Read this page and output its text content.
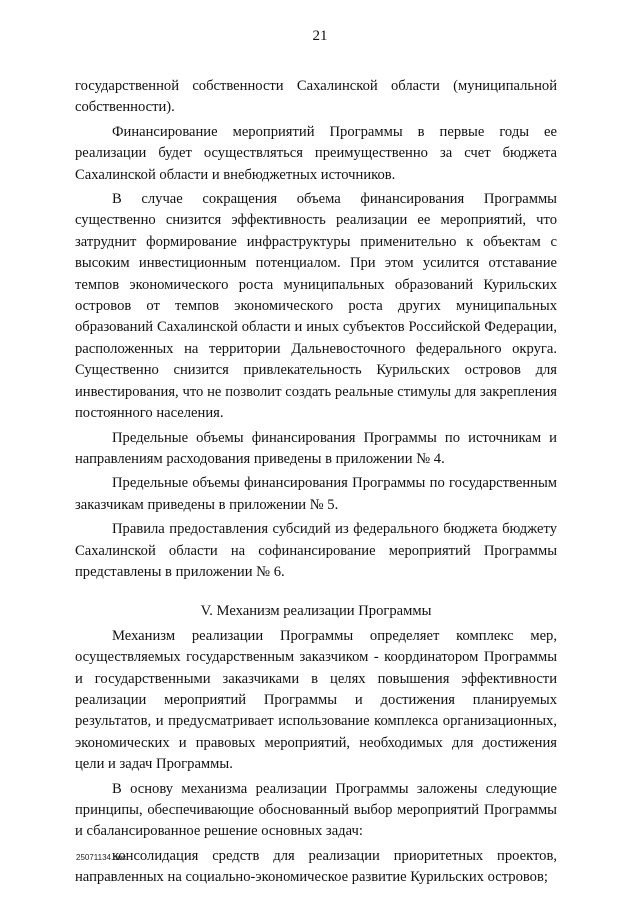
21

государственной собственности Сахалинской области (муниципальной собственности).

Финансирование мероприятий Программы в первые годы ее реализации будет осуществляться преимущественно за счет бюджета Сахалинской области и внебюджетных источников.

В случае сокращения объема финансирования Программы существенно снизится эффективность реализации ее мероприятий, что затруднит формирование инфраструктуры применительно к объектам с высоким инвестиционным потенциалом. При этом усилится отставание темпов экономического роста муниципальных образований Курильских островов от темпов экономического роста других муниципальных образований Сахалинской области и иных субъектов Российской Федерации, расположенных на территории Дальневосточного федерального округа. Существенно снизится привлекательность Курильских островов для инвестирования, что не позволит создать реальные стимулы для закрепления постоянного населения.

Предельные объемы финансирования Программы по источникам и направлениям расходования приведены в приложении № 4.

Предельные объемы финансирования Программы по государственным заказчикам приведены в приложении № 5.

Правила предоставления субсидий из федерального бюджета бюджету Сахалинской области на софинансирование мероприятий Программы представлены в приложении № 6.

V. Механизм реализации Программы

Механизм реализации Программы определяет комплекс мер, осуществляемых государственным заказчиком - координатором Программы и государственными заказчиками в целях повышения эффективности реализации мероприятий Программы и достижения планируемых результатов, и предусматривает использование комплекса организационных, экономических и правовых мероприятий, необходимых для достижения цели и задач Программы.

В основу механизма реализации Программы заложены следующие принципы, обеспечивающие обоснованный выбор мероприятий Программы и сбалансированное решение основных задач:

консолидация средств для реализации приоритетных проектов, направленных на социально-экономическое развитие Курильских островов;

25071134.doc
